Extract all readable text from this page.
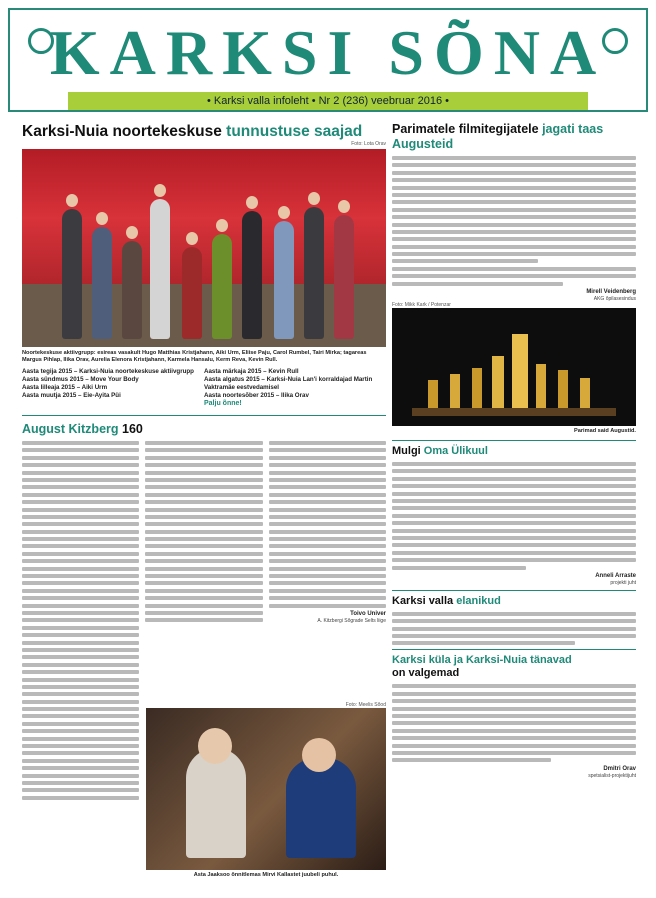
KARKSI SÕNA
• Karksi valla infoleht • Nr 2 (236) veebruar 2016 •
Karksi-Nuia noortekeskuse tunnustuse saajad
Foto: Lota Orav
Noortekeskuse aktiivgrupp: esireas vasakult Hugo Matthias Kristjahann, Aiki Urm, Eliise Paju, Carol Rumbel, Tairi Mirka; tagareas Margus Pihlap, Ilika Orav, Aurelia Elenora Kristjahann, Karmela Hansalu, Kerm Reva, Kevin Rull.
Aasta tegija 2015 – Karksi-Nuia noortekeskuse aktiivgrupp
Aasta sündmus 2015 – Move Your Body
Aasta lilleaja 2015 – Aiki Urm
Aasta muutja 2015 – Eie-Ayita Püi
Aasta märkaja 2015 – Kevin Rull
Aasta algatus 2015 – Karksi-Nuia Lan'i korraldajad Martin Vaktramäe eestvedamisel
Aasta noortesõber 2015 – Ilika Orav
Palju õnne!
August Kitzberg 160
Toivo Univer
A. Kitzbergi Sõgrade Selts liige
Foto: Meelis Sõod
Asta Jaaksoo õnnitlemas Mirvi Kallastet juubeli puhul.
Parimatele filmitegijatele jagati taas Augusteid
Mirell Veidenberg
AKG õpilasesindus
Foto: Mikk Kark / Potenzar
Parimad said Augustid.
Mulgi Oma Ülikuul
Anneli Arraste
projekti juht
Karksi valla elanikud
Karksi küla ja Karksi-Nuia tänavad
on valgemad
Dmitri Orav
spetsialist-projektijuht
